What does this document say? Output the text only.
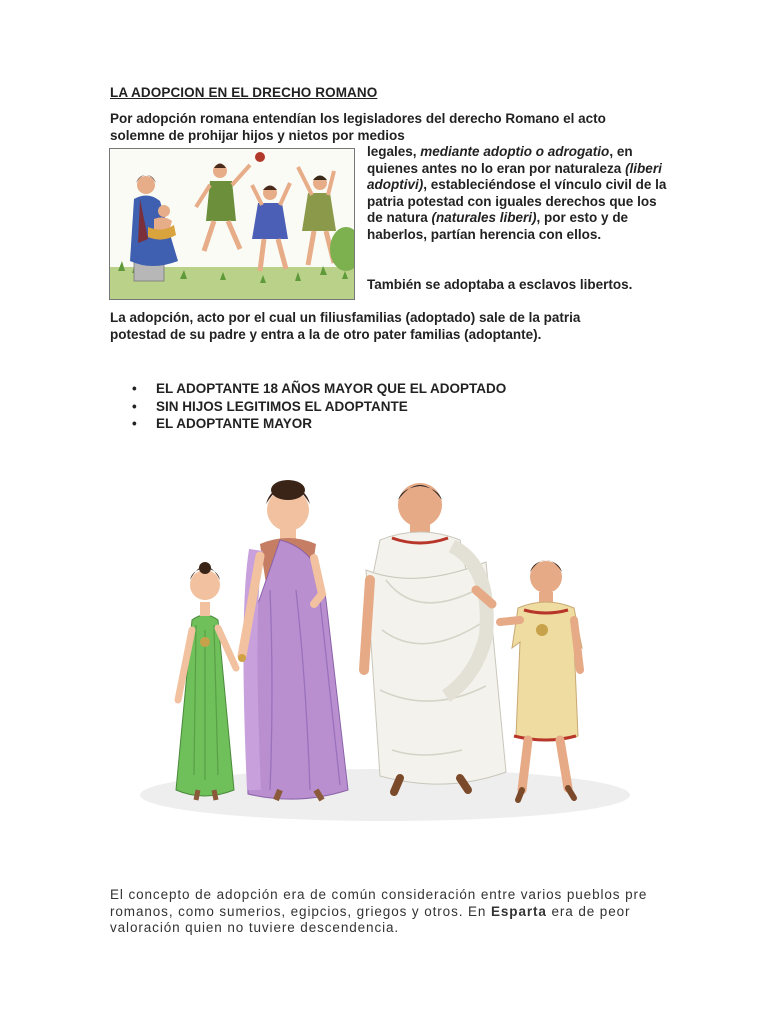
LA ADOPCION EN EL DRECHO ROMANO

Por adopción romana entendían los legisladores del derecho Romano el acto solemne de prohijar hijos y nietos por medios

legales, mediante adoptio o adrogatio, en quienes antes no lo eran por naturaleza (liberi adoptivi), estableciéndose el vínculo civil de la patria potestad con iguales derechos que los de natura (naturales liberi), por esto y de haberlos, partían herencia con ellos.

También se adoptaba a esclavos libertos.

La adopción, acto por el cual un filiusfamilias (adoptado) sale de la patria potestad de su padre y entra a la de otro pater familias (adoptante).

• EL ADOPTANTE 18 AÑOS MAYOR QUE EL ADOPTADO
• SIN HIJOS LEGITIMOS EL ADOPTANTE
• EL ADOPTANTE MAYOR

El concepto de adopción era de común consideración entre varios pueblos pre romanos, como sumerios, egipcios, griegos y otros. En Esparta era de peor valoración quien no tuviere descendencia.
